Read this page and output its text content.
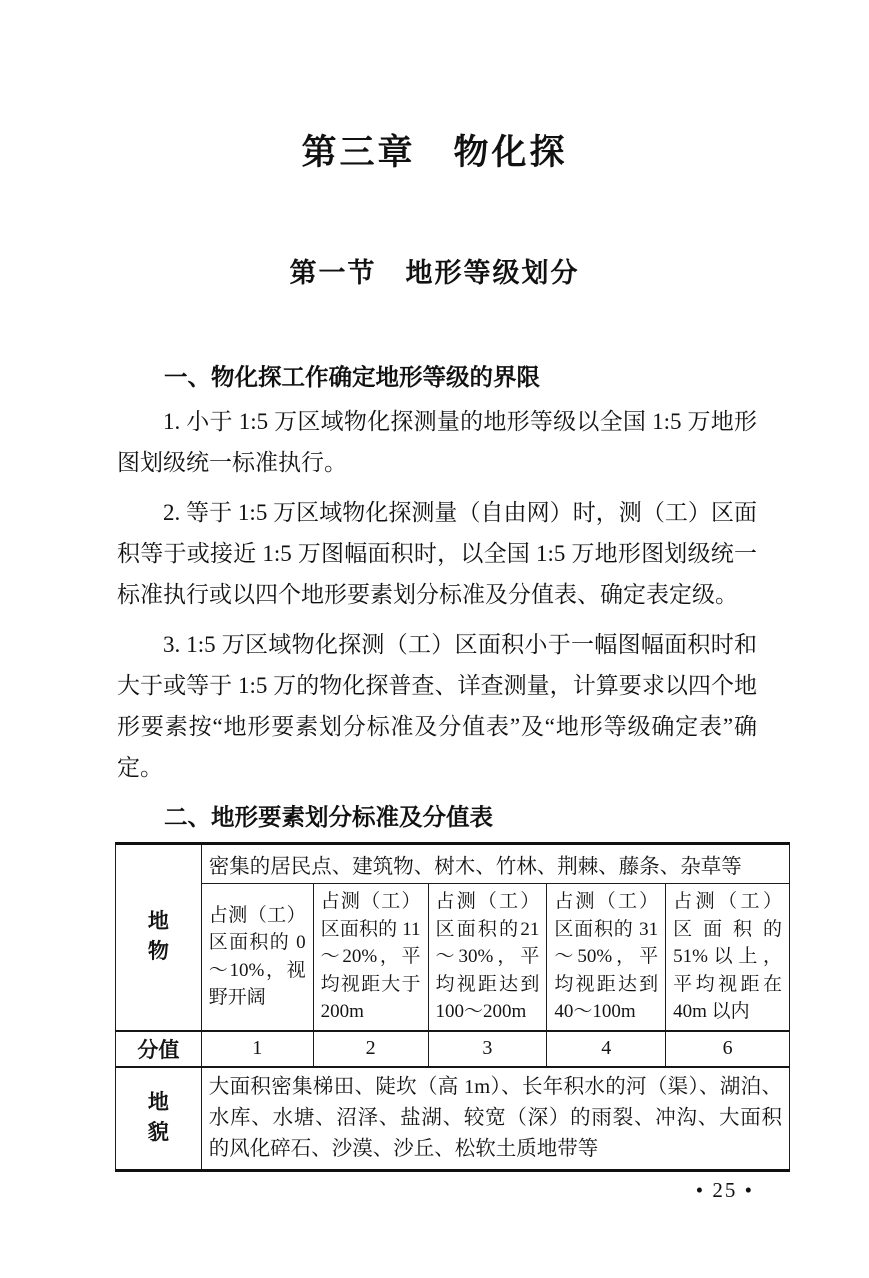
第三章　物化探
第一节　地形等级划分
一、物化探工作确定地形等级的界限

1. 小于 1:5 万区域物化探测量的地形等级以全国 1:5 万地形图划级统一标准执行。

2. 等于 1:5 万区域物化探测量（自由网）时，测（工）区面积等于或接近 1:5 万图幅面积时，以全国 1:5 万地形图划级统一标准执行或以四个地形要素划分标准及分值表、确定表定级。

3. 1:5 万区域物化探测（工）区面积小于一幅图幅面积时和大于或等于 1:5 万的物化探普查、详查测量，计算要求以四个地形要素按“地形要素划分标准及分值表”及“地形等级确定表”确定。

二、地形要素划分标准及分值表
地物	密集的居民点、建筑物、树木、竹林、荆棘、藤条、杂草等				
	占测（工）区面积的 0～10%，视野开阔	占测（工）区面积的 11～20%，平均视距大于 200m	占测（工）区面积的21～30%，平均视距达到100～200m	占测（工）区面积的 31～50%，平均视距达到 40～100m	占测（工）区面积的 51%以上，平均视距在 40m 以内
分值	1	2	3	4	6
地貌	大面积密集梯田、陡坎（高 1m）、长年积水的河（渠）、湖泊、水库、水塘、沼泽、盐湖、较宽（深）的雨裂、冲沟、大面积的风化碎石、沙漠、沙丘、松软土质地带等				
• 25 •
